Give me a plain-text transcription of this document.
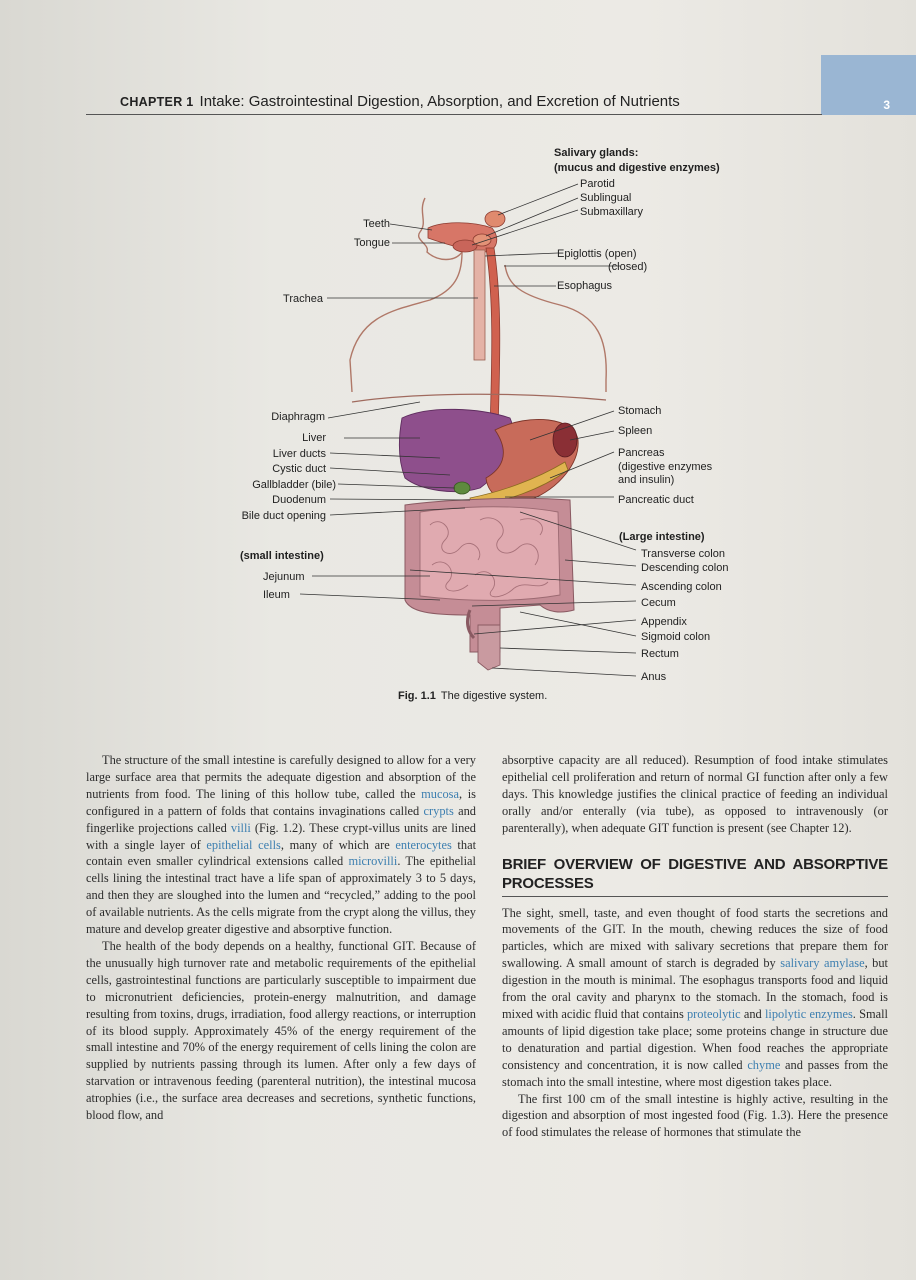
3
CHAPTER 1 Intake: Gastrointestinal Digestion, Absorption, and Excretion of Nutrients
Teeth
Tongue
Trachea
Diaphragm
Liver
Liver ducts
Cystic duct
Gallbladder (bile)
Duodenum
Bile duct opening
(small intestine)
Jejunum
Ileum
Salivary glands:
(mucus and digestive enzymes)
Parotid
Sublingual
Submaxillary
Epiglottis (open)
(closed)
Esophagus
Stomach
Spleen
Pancreas
(digestive enzymes
and insulin)
Pancreatic duct
(Large intestine)
Transverse colon
Descending colon
Ascending colon
Cecum
Appendix
Sigmoid colon
Rectum
Anus
Fig. 1.1 The digestive system.

The structure of the small intestine is carefully designed to allow for a very large surface area that permits the adequate digestion and absorption of the nutrients from food. The lining of this hollow tube, called the mucosa, is configured in a pattern of folds that contains invaginations called crypts and fingerlike projections called villi (Fig. 1.2). These crypt-villus units are lined with a single layer of epithelial cells, many of which are enterocytes that contain even smaller cylindrical extensions called microvilli. The epithelial cells lining the intestinal tract have a life span of approximately 3 to 5 days, and then they are sloughed into the lumen and “recycled,” adding to the pool of available nutrients. As the cells migrate from the crypt along the villus, they mature and develop greater digestive and absorptive function.

The health of the body depends on a healthy, functional GIT. Because of the unusually high turnover rate and metabolic requirements of the epithelial cells, gastrointestinal functions are particularly susceptible to impairment due to micronutrient deficiencies, protein-energy malnutrition, and damage resulting from toxins, drugs, irradiation, food allergy reactions, or interruption of its blood supply. Approximately 45% of the energy requirement of the small intestine and 70% of the energy requirement of cells lining the colon are supplied by nutrients passing through its lumen. After only a few days of starvation or intravenous feeding (parenteral nutrition), the intestinal mucosa atrophies (i.e., the surface area decreases and secretions, synthetic functions, blood flow, and

absorptive capacity are all reduced). Resumption of food intake stimulates epithelial cell proliferation and return of normal GI function after only a few days. This knowledge justifies the clinical practice of feeding an individual orally and/or enterally (via tube), as opposed to intravenously (or parenterally), when adequate GIT function is present (see Chapter 12).

BRIEF OVERVIEW OF DIGESTIVE AND ABSORPTIVE PROCESSES

The sight, smell, taste, and even thought of food starts the secretions and movements of the GIT. In the mouth, chewing reduces the size of food particles, which are mixed with salivary secretions that prepare them for swallowing. A small amount of starch is degraded by salivary amylase, but digestion in the mouth is minimal. The esophagus transports food and liquid from the oral cavity and pharynx to the stomach. In the stomach, food is mixed with acidic fluid that contains proteolytic and lipolytic enzymes. Small amounts of lipid digestion take place; some proteins change in structure due to denaturation and partial digestion. When food reaches the appropriate consistency and concentration, it is now called chyme and passes from the stomach into the small intestine, where most digestion takes place.

The first 100 cm of the small intestine is highly active, resulting in the digestion and absorption of most ingested food (Fig. 1.3). Here the presence of food stimulates the release of hormones that stimulate the
